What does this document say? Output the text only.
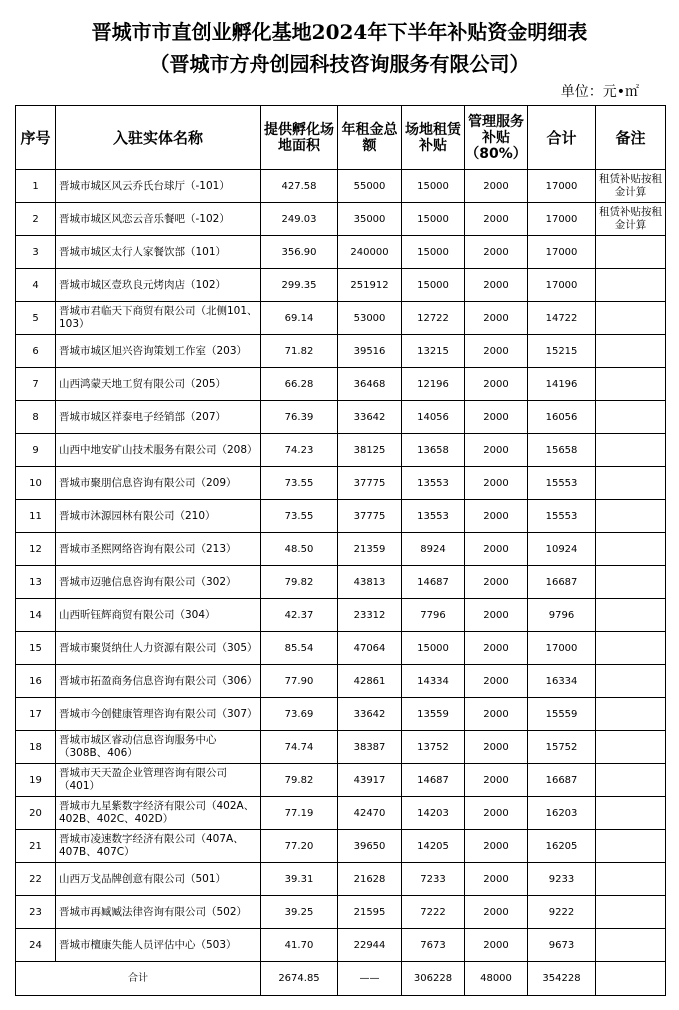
晋城市市直创业孵化基地2024年下半年补贴资金明细表
（晋城市方舟创园科技咨询服务有限公司）
单位：元•㎡
序号	入驻实体名称	提供孵化场地面积	年租金总额	场地租赁补贴	管理服务补贴（80%）	合计	备注
1	晋城市城区风云乔氏台球厅（-101）	427.58	55000	15000	2000	17000	租赁补贴按租金计算
2	晋城市城区风恋云音乐餐吧（-102）	249.03	35000	15000	2000	17000	租赁补贴按租金计算
3	晋城市城区太行人家餐饮部（101）	356.90	240000	15000	2000	17000	
4	晋城市城区壹玖良元烤肉店（102）	299.35	251912	15000	2000	17000	
5	晋城市君临天下商贸有限公司（北侧101、103）	69.14	53000	12722	2000	14722	
6	晋城市城区旭兴咨询策划工作室（203）	71.82	39516	13215	2000	15215	
7	山西鸿蒙天地工贸有限公司（205）	66.28	36468	12196	2000	14196	
8	晋城市城区祥泰电子经销部（207）	76.39	33642	14056	2000	16056	
9	山西中地安矿山技术服务有限公司（208）	74.23	38125	13658	2000	15658	
10	晋城市聚朋信息咨询有限公司（209）	73.55	37775	13553	2000	15553	
11	晋城市沐源园林有限公司（210）	73.55	37775	13553	2000	15553	
12	晋城市圣熙网络咨询有限公司（213）	48.50	21359	8924	2000	10924	
13	晋城市迈驰信息咨询有限公司（302）	79.82	43813	14687	2000	16687	
14	山西昕钰辉商贸有限公司（304）	42.37	23312	7796	2000	9796	
15	晋城市聚贤纳仕人力资源有限公司（305）	85.54	47064	15000	2000	17000	
16	晋城市拓盈商务信息咨询有限公司（306）	77.90	42861	14334	2000	16334	
17	晋城市今创健康管理咨询有限公司（307）	73.69	33642	13559	2000	15559	
18	晋城市城区睿动信息咨询服务中心（308B、406）	74.74	38387	13752	2000	15752	
19	晋城市天天盈企业管理咨询有限公司（401）	79.82	43917	14687	2000	16687	
20	晋城市九星紫数字经济有限公司（402A、402B、402C、402D）	77.19	42470	14203	2000	16203	
21	晋城市凌速数字经济有限公司（407A、407B、407C）	77.20	39650	14205	2000	16205	
22	山西万戈品牌创意有限公司（501）	39.31	21628	7233	2000	9233	
23	晋城市再臧臧法律咨询有限公司（502）	39.25	21595	7222	2000	9222	
24	晋城市檀康失能人员评估中心（503）	41.70	22944	7673	2000	9673	
合计		2674.85	——	306228	48000	354228	
